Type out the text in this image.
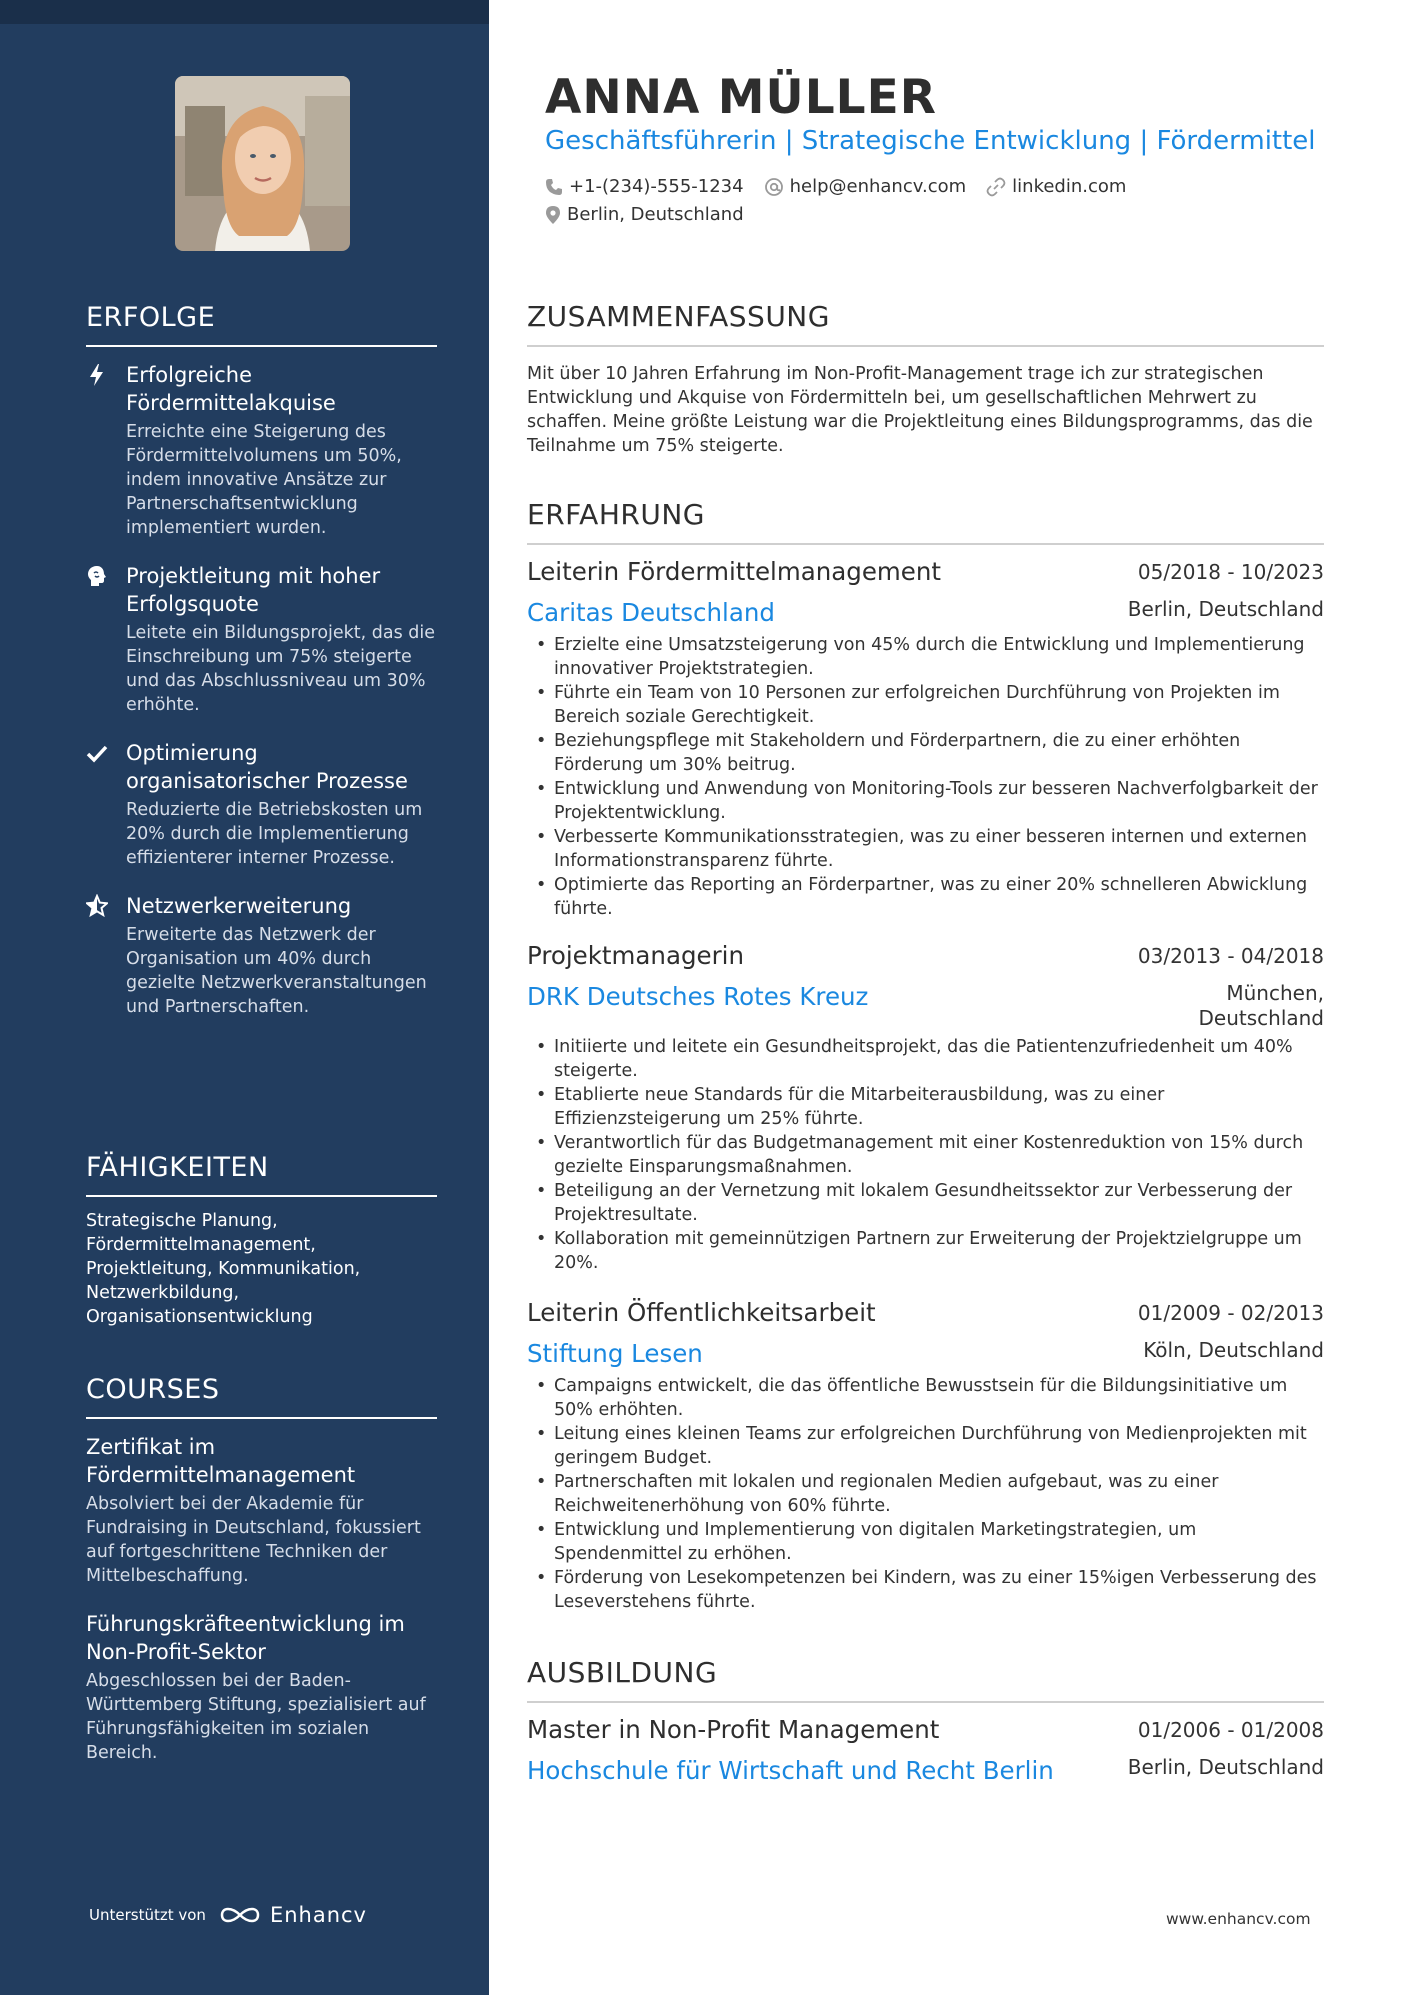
ERFOLGE
Erfolgreiche Fördermittelakquise
Erreichte eine Steigerung des Fördermittelvolumens um 50%, indem innovative Ansätze zur Partnerschaftsentwicklung implementiert wurden.
Projektleitung mit hoher Erfolgsquote
Leitete ein Bildungsprojekt, das die Einschreibung um 75% steigerte und das Abschlussniveau um 30% erhöhte.
Optimierung organisatorischer Prozesse
Reduzierte die Betriebskosten um 20% durch die Implementierung effizienterer interner Prozesse.
Netzwerkerweiterung
Erweiterte das Netzwerk der Organisation um 40% durch gezielte Netzwerkveranstaltungen und Partnerschaften.
FÄHIGKEITEN
Strategische Planung, Fördermittelmanagement, Projektleitung, Kommunikation, Netzwerkbildung, Organisationsentwicklung
COURSES
Zertifikat im Fördermittelmanagement
Absolviert bei der Akademie für Fundraising in Deutschland, fokussiert auf fortgeschrittene Techniken der Mittelbeschaffung.
Führungskräfteentwicklung im Non-Profit-Sektor
Abgeschlossen bei der Baden-Württemberg Stiftung, spezialisiert auf Führungsfähigkeiten im sozialen Bereich.
Unterstützt von	Enhancv
ANNA MÜLLER
Geschäftsführerin | Strategische Entwicklung | Fördermittel
+1-(234)-555-1234	help@enhancv.com	linkedin.com
Berlin, Deutschland
ZUSAMMENFASSUNG
Mit über 10 Jahren Erfahrung im Non-Profit-Management trage ich zur strategischen Entwicklung und Akquise von Fördermitteln bei, um gesellschaftlichen Mehrwert zu schaffen. Meine größte Leistung war die Projektleitung eines Bildungsprogramms, das die Teilnahme um 75% steigerte.
ERFAHRUNG
Leiterin Fördermittelmanagement	05/2018 - 10/2023
Caritas Deutschland	Berlin, Deutschland
• Erzielte eine Umsatzsteigerung von 45% durch die Entwicklung und Implementierung innovativer Projektstrategien.
• Führte ein Team von 10 Personen zur erfolgreichen Durchführung von Projekten im Bereich soziale Gerechtigkeit.
• Beziehungspflege mit Stakeholdern und Förderpartnern, die zu einer erhöhten Förderung um 30% beitrug.
• Entwicklung und Anwendung von Monitoring-Tools zur besseren Nachverfolgbarkeit der Projektentwicklung.
• Verbesserte Kommunikationsstrategien, was zu einer besseren internen und externen Informationstransparenz führte.
• Optimierte das Reporting an Förderpartner, was zu einer 20% schnelleren Abwicklung führte.
Projektmanagerin	03/2013 - 04/2018
DRK Deutsches Rotes Kreuz	München,
Deutschland
• Initiierte und leitete ein Gesundheitsprojekt, das die Patientenzufriedenheit um 40% steigerte.
• Etablierte neue Standards für die Mitarbeiterausbildung, was zu einer Effizienzsteigerung um 25% führte.
• Verantwortlich für das Budgetmanagement mit einer Kostenreduktion von 15% durch gezielte Einsparungsmaßnahmen.
• Beteiligung an der Vernetzung mit lokalem Gesundheitssektor zur Verbesserung der Projektresultate.
• Kollaboration mit gemeinnützigen Partnern zur Erweiterung der Projektzielgruppe um 20%.
Leiterin Öffentlichkeitsarbeit	01/2009 - 02/2013
Stiftung Lesen	Köln, Deutschland
• Campaigns entwickelt, die das öffentliche Bewusstsein für die Bildungsinitiative um 50% erhöhten.
• Leitung eines kleinen Teams zur erfolgreichen Durchführung von Medienprojekten mit geringem Budget.
• Partnerschaften mit lokalen und regionalen Medien aufgebaut, was zu einer Reichweitenerhöhung von 60% führte.
• Entwicklung und Implementierung von digitalen Marketingstrategien, um Spendenmittel zu erhöhen.
• Förderung von Lesekompetenzen bei Kindern, was zu einer 15%igen Verbesserung des Leseverstehens führte.
AUSBILDUNG
Master in Non-Profit Management	01/2006 - 01/2008
Hochschule für Wirtschaft und Recht Berlin	Berlin, Deutschland
www.enhancv.com
